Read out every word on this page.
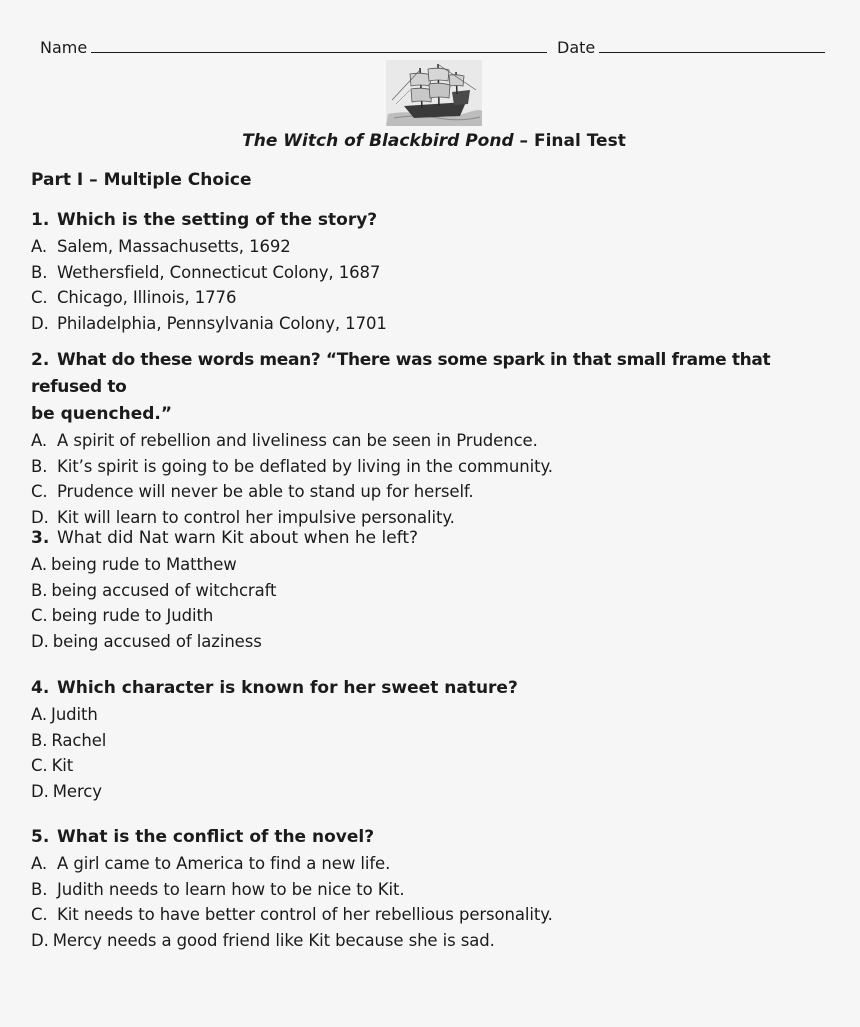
Name	Date
The Witch of Blackbird Pond – Final Test
Part I – Multiple Choice
1. Which is the setting of the story?
A. Salem, Massachusetts, 1692
B. Wethersfield, Connecticut Colony, 1687
C. Chicago, Illinois, 1776
D. Philadelphia, Pennsylvania Colony, 1701
2. What do these words mean? “There was some spark in that small frame that refused to
be quenched.”
A. A spirit of rebellion and liveliness can be seen in Prudence.
B. Kit’s spirit is going to be deflated by living in the community.
C. Prudence will never be able to stand up for herself.
D. Kit will learn to control her impulsive personality.
3. What did Nat warn Kit about when he left?
A. being rude to Matthew
B. being accused of witchcraft
C. being rude to Judith
D. being accused of laziness
4. Which character is known for her sweet nature?
A. Judith
B. Rachel
C. Kit
D. Mercy
5. What is the conflict of the novel?
A. A girl came to America to find a new life.
B. Judith needs to learn how to be nice to Kit.
C. Kit needs to have better control of her rebellious personality.
D. Mercy needs a good friend like Kit because she is sad.
